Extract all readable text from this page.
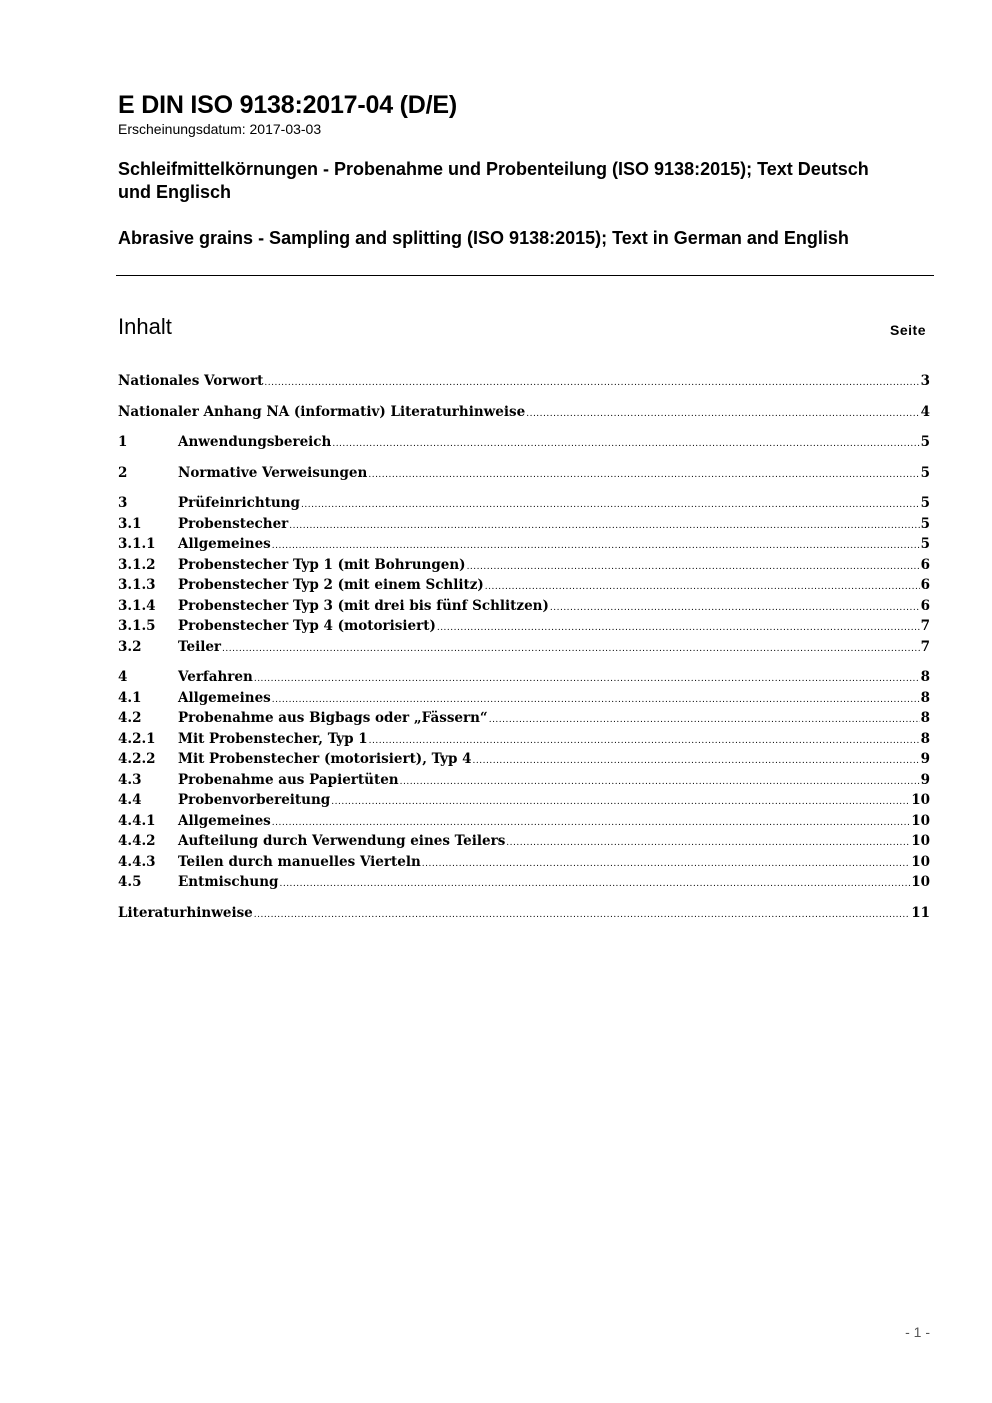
E DIN ISO 9138:2017-04 (D/E)

Erscheinungsdatum: 2017-03-03

Schleifmittelkörnungen - Probenahme und Probenteilung (ISO 9138:2015); Text Deutsch und Englisch

Abrasive grains - Sampling and splitting (ISO 9138:2015); Text in German and English

Inhalt	Seite
Nationales Vorwort .....	3
Nationaler Anhang NA (informativ) Literaturhinweise .....	4
1	Anwendungsbereich .....	5
2	Normative Verweisungen .....	5
3	Prüfeinrichtung .....	5
3.1	Probenstecher .....	5
3.1.1	Allgemeines .....	5
3.1.2	Probenstecher Typ 1 (mit Bohrungen) .....	6
3.1.3	Probenstecher Typ 2 (mit einem Schlitz) .....	6
3.1.4	Probenstecher Typ 3 (mit drei bis fünf Schlitzen) .....	6
3.1.5	Probenstecher Typ 4 (motorisiert) .....	7
3.2	Teiler .....	7
4	Verfahren .....	8
4.1	Allgemeines .....	8
4.2	Probenahme aus Bigbags oder „Fässern“ .....	8
4.2.1	Mit Probenstecher, Typ 1 .....	8
4.2.2	Mit Probenstecher (motorisiert), Typ 4 .....	9
4.3	Probenahme aus Papiertüten .....	9
4.4	Probenvorbereitung .....	10
4.4.1	Allgemeines .....	10
4.4.2	Aufteilung durch Verwendung eines Teilers .....	10
4.4.3	Teilen durch manuelles Vierteln .....	10
4.5	Entmischung .....	10
Literaturhinweise .....	11
- 1 -
